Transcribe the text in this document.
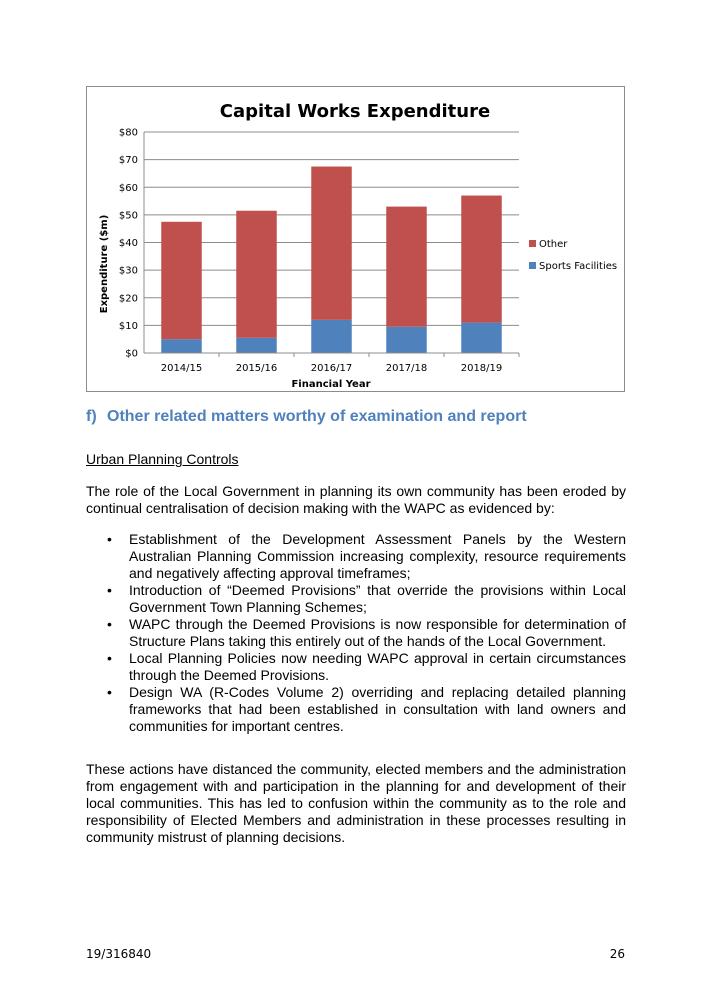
Capital Works Expenditure
Expenditure ($m)
Financial Year
$0
$10
$20
$30
$40
$50
$60
$70
$80
2014/15	2015/16	2016/17	2017/18	2018/19
Other
Sports Facilities
f) Other related matters worthy of examination and report

Urban Planning Controls

The role of the Local Government in planning its own community has been eroded by continual centralisation of decision making with the WAPC as evidenced by:

• Establishment of the Development Assessment Panels by the Western Australian Planning Commission increasing complexity, resource requirements and negatively affecting approval timeframes;
• Introduction of “Deemed Provisions” that override the provisions within Local Government Town Planning Schemes;
• WAPC through the Deemed Provisions is now responsible for determination of Structure Plans taking this entirely out of the hands of the Local Government.
• Local Planning Policies now needing WAPC approval in certain circumstances through the Deemed Provisions.
• Design WA (R-Codes Volume 2) overriding and replacing detailed planning frameworks that had been established in consultation with land owners and communities for important centres.

These actions have distanced the community, elected members and the administration from engagement with and participation in the planning for and development of their local communities. This has led to confusion within the community as to the role and responsibility of Elected Members and administration in these processes resulting in community mistrust of planning decisions.

19/316840	26
